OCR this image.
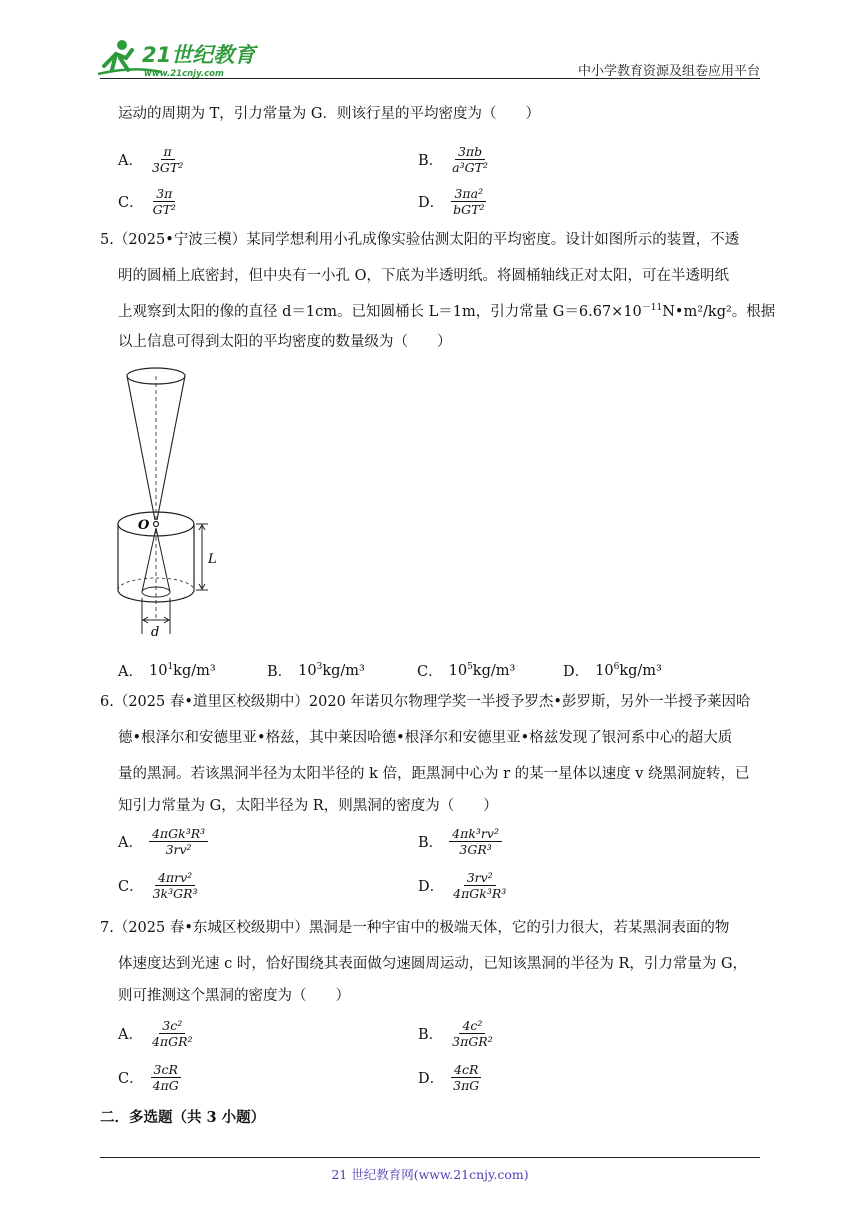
21世纪教育
www.21cnjy.com	中小学教育资源及组卷应用平台
运动的周期为 T，引力常量为 G．则该行星的平均密度为（　　）
A． $\frac{\pi}{\text{3GT²}}$	B． $\frac{3\pi b}{\text{a³GT²}}$
C． $\frac{3\pi}{\text{GT²}}$	D． $\frac{\text{3πa²}}{\text{bGT²}}$
5.（2025•宁波三模）某同学想利用小孔成像实验估测太阳的平均密度。设计如图所示的装置，不透
明的圆桶上底密封，但中央有一小孔 O，下底为半透明纸。将圆桶轴线正对太阳，可在半透明纸
上观察到太阳的像的直径 d＝1cm。已知圆桶长 L＝1m，引力常量 $G=6.67\times 10^{-11}N•m^2$/kg²。根据
以上信息可得到太阳的平均密度的数量级为（　　）
O
L
d
A． $10^1kg/m^3$	B． $10^3kg/m^3$	C． $10^5kg/m^3$	D． $10^6kg/m^3$
6.（2025 春•道里区校级期中）2020 年诺贝尔物理学奖一半授予罗杰•彭罗斯，另外一半授予莱因哈
德•根泽尔和安德里亚•格兹，其中莱因哈德•根泽尔和安德里亚•格兹发现了银河系中心的超大质
量的黑洞。若该黑洞半径为太阳半径的 k 倍，距黑洞中心为 r 的某一星体以速度 v 绕黑洞旋转，已
知引力常量为 G，太阳半径为 R，则黑洞的密度为（　　）
A． $\frac{\text{4πGk³R³}}{\text{3rv²}}$	B． $\frac{\text{4πk³rv²}}{\text{3GR³}}$
C． $\frac{\text{4πrv²}}{\text{3k³GR³}}$	D． $\frac{\text{3rv²}}{\text{4πGk³R³}}$
7.（2025 春•东城区校级期中）黑洞是一种宇宙中的极端天体，它的引力很大，若某黑洞表面的物
体速度达到光速 c 时，恰好围绕其表面做匀速圆周运动，已知该黑洞的半径为 R，引力常量为 G，
则可推测这个黑洞的密度为（　　）
A． $\frac{\text{3c²}}{\text{4πGR²}}$	B． $\frac{\text{4c²}}{\text{3πGR²}}$
C． $\frac{3cR}{4\pi G}$	D． $\frac{4cR}{3\pi G}$
二．多选题（共 3 小题）
21 世纪教育网(www.21cnjy.com)
